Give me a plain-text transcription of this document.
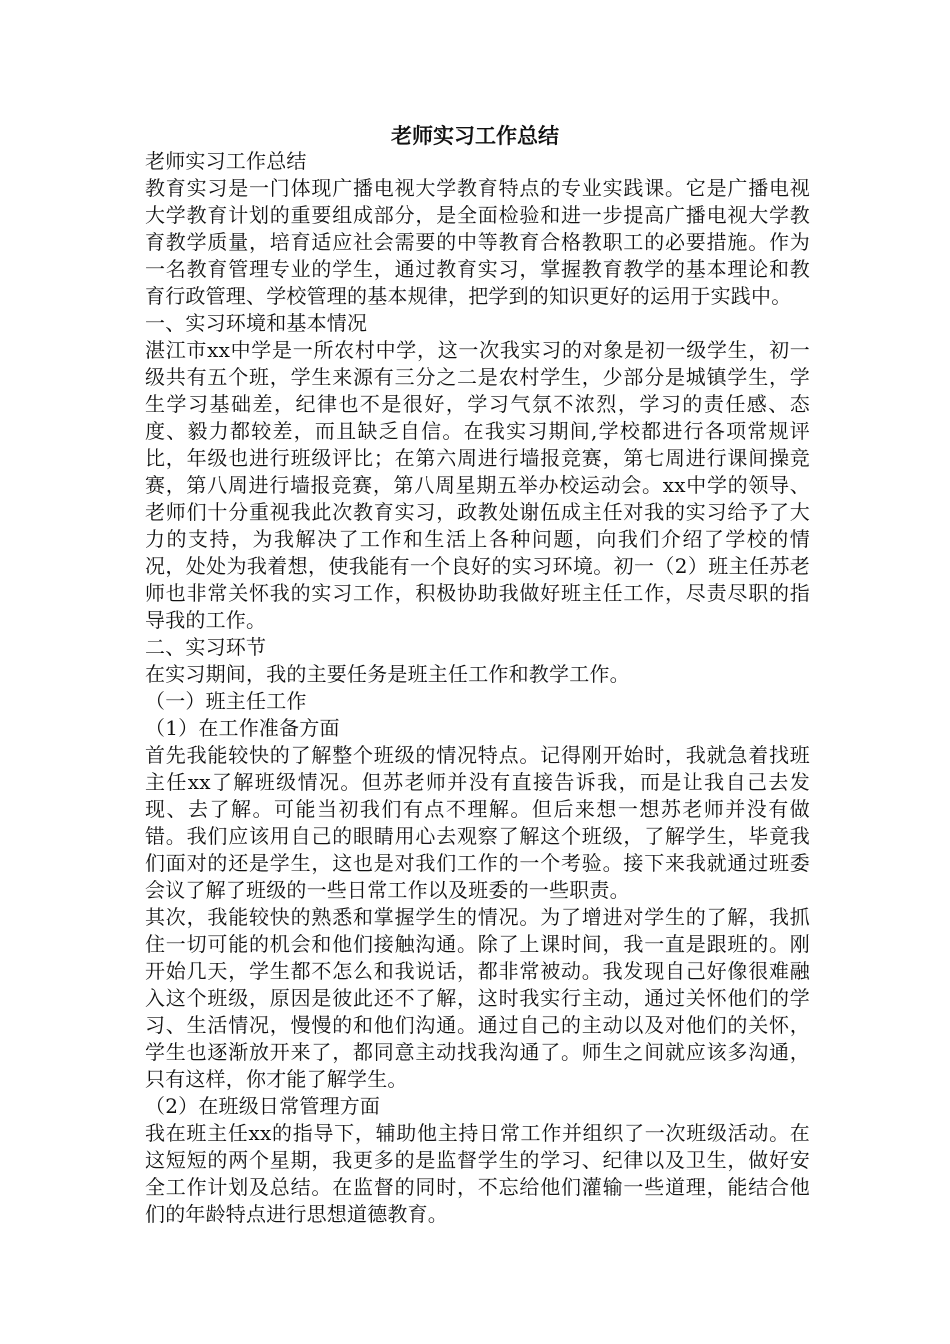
老师实习工作总结

老师实习工作总结

教育实习是一门体现广播电视大学教育特点的专业实践课。它是广播电视大学教育计划的重要组成部分，是全面检验和进一步提高广播电视大学教育教学质量，培育适应社会需要的中等教育合格教职工的必要措施。作为一名教育管理专业的学生，通过教育实习，掌握教育教学的基本理论和教育行政管理、学校管理的基本规律，把学到的知识更好的运用于实践中。

一、实习环境和基本情况

湛江市xx中学是一所农村中学，这一次我实习的对象是初一级学生，初一级共有五个班，学生来源有三分之二是农村学生，少部分是城镇学生，学生学习基础差，纪律也不是很好，学习气氛不浓烈，学习的责任感、态度、毅力都较差，而且缺乏自信。在我实习期间,学校都进行各项常规评比，年级也进行班级评比；在第六周进行墙报竞赛，第七周进行课间操竞赛，第八周进行墙报竞赛，第八周星期五举办校运动会。xx中学的领导、老师们十分重视我此次教育实习，政教处谢伍成主任对我的实习给予了大力的支持，为我解决了工作和生活上各种问题，向我们介绍了学校的情况，处处为我着想，使我能有一个良好的实习环境。初一（2）班主任苏老师也非常关怀我的实习工作，积极协助我做好班主任工作，尽责尽职的指导我的工作。

二、实习环节

在实习期间，我的主要任务是班主任工作和教学工作。

（一）班主任工作

（1）在工作准备方面

首先我能较快的了解整个班级的情况特点。记得刚开始时，我就急着找班主任xx了解班级情况。但苏老师并没有直接告诉我，而是让我自己去发现、去了解。可能当初我们有点不理解。但后来想一想苏老师并没有做错。我们应该用自己的眼睛用心去观察了解这个班级，了解学生，毕竟我们面对的还是学生，这也是对我们工作的一个考验。接下来我就通过班委会议了解了班级的一些日常工作以及班委的一些职责。

其次，我能较快的熟悉和掌握学生的情况。为了增进对学生的了解，我抓住一切可能的机会和他们接触沟通。除了上课时间，我一直是跟班的。刚开始几天，学生都不怎么和我说话，都非常被动。我发现自己好像很难融入这个班级，原因是彼此还不了解，这时我实行主动，通过关怀他们的学习、生活情况，慢慢的和他们沟通。通过自己的主动以及对他们的关怀，学生也逐渐放开来了，都同意主动找我沟通了。师生之间就应该多沟通，只有这样，你才能了解学生。

（2）在班级日常管理方面

我在班主任xx的指导下，辅助他主持日常工作并组织了一次班级活动。在这短短的两个星期，我更多的是监督学生的学习、纪律以及卫生，做好安全工作计划及总结。在监督的同时，不忘给他们灌输一些道理，能结合他们的年龄特点进行思想道德教育。
